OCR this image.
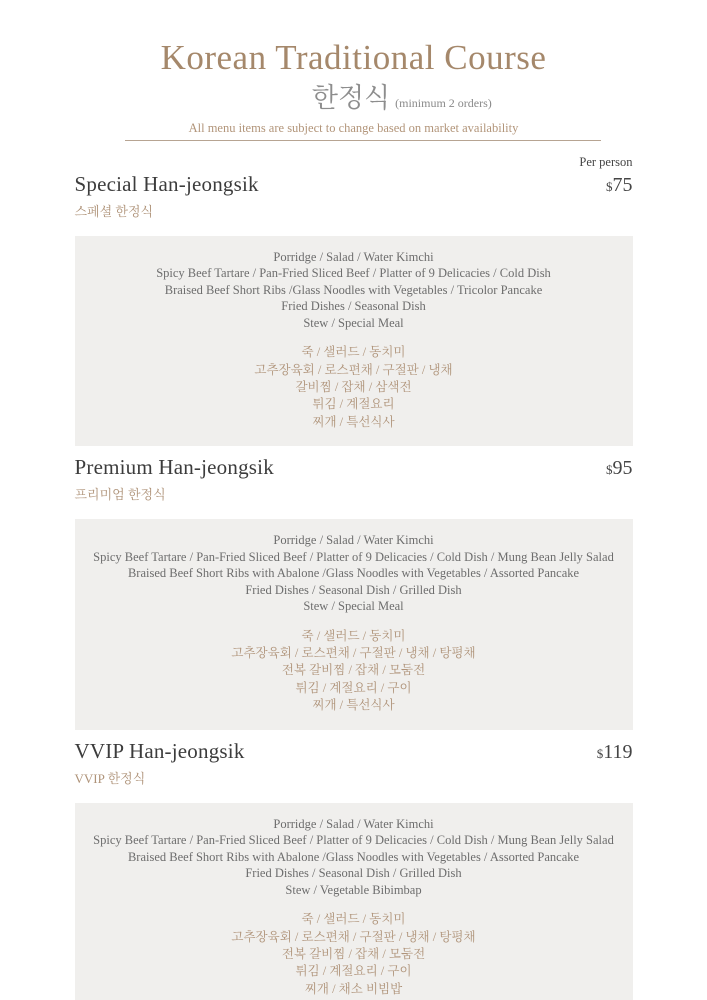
Korean Traditional Course
한정식 (minimum 2 orders)
All menu items are subject to change based on market availability
Special Han-jeongsik	$75
Per person
스페셜 한정식
Porridge / Salad / Water Kimchi
Spicy Beef Tartare / Pan-Fried Sliced Beef / Platter of 9 Delicacies / Cold Dish
Braised Beef Short Ribs /Glass Noodles with Vegetables / Tricolor Pancake
Fried Dishes / Seasonal Dish
Stew / Special Meal
죽 / 샐러드 / 동치미
고추장육회 / 로스편채 / 구절판 / 냉채
갈비찜 / 잡채 / 삼색전
튀김 / 계절요리
찌개 / 특선식사
Premium Han-jeongsik	$95
프리미엄 한정식
Porridge / Salad / Water Kimchi
Spicy Beef Tartare / Pan-Fried Sliced Beef / Platter of 9 Delicacies / Cold Dish / Mung Bean Jelly Salad
Braised Beef Short Ribs with Abalone /Glass Noodles with Vegetables / Assorted Pancake
Fried Dishes / Seasonal Dish / Grilled Dish
Stew / Special Meal
죽 / 샐러드 / 동치미
고추장육회 / 로스편채 / 구절판 / 냉채 / 탕평채
전복 갈비찜 / 잡채 / 모둠전
튀김 / 계절요리 / 구이
찌개 / 특선식사
VVIP Han-jeongsik	$119
VVIP 한정식
Porridge / Salad / Water Kimchi
Spicy Beef Tartare / Pan-Fried Sliced Beef / Platter of 9 Delicacies / Cold Dish / Mung Bean Jelly Salad
Braised Beef Short Ribs with Abalone /Glass Noodles with Vegetables / Assorted Pancake
Fried Dishes / Seasonal Dish / Grilled Dish
Stew / Vegetable Bibimbap
죽 / 샐러드 / 동치미
고추장육회 / 로스편채 / 구절판 / 냉채 / 탕평채
전복 갈비찜 / 잡채 / 모둠전
튀김 / 계절요리 / 구이
찌개 / 채소 비빔밥
